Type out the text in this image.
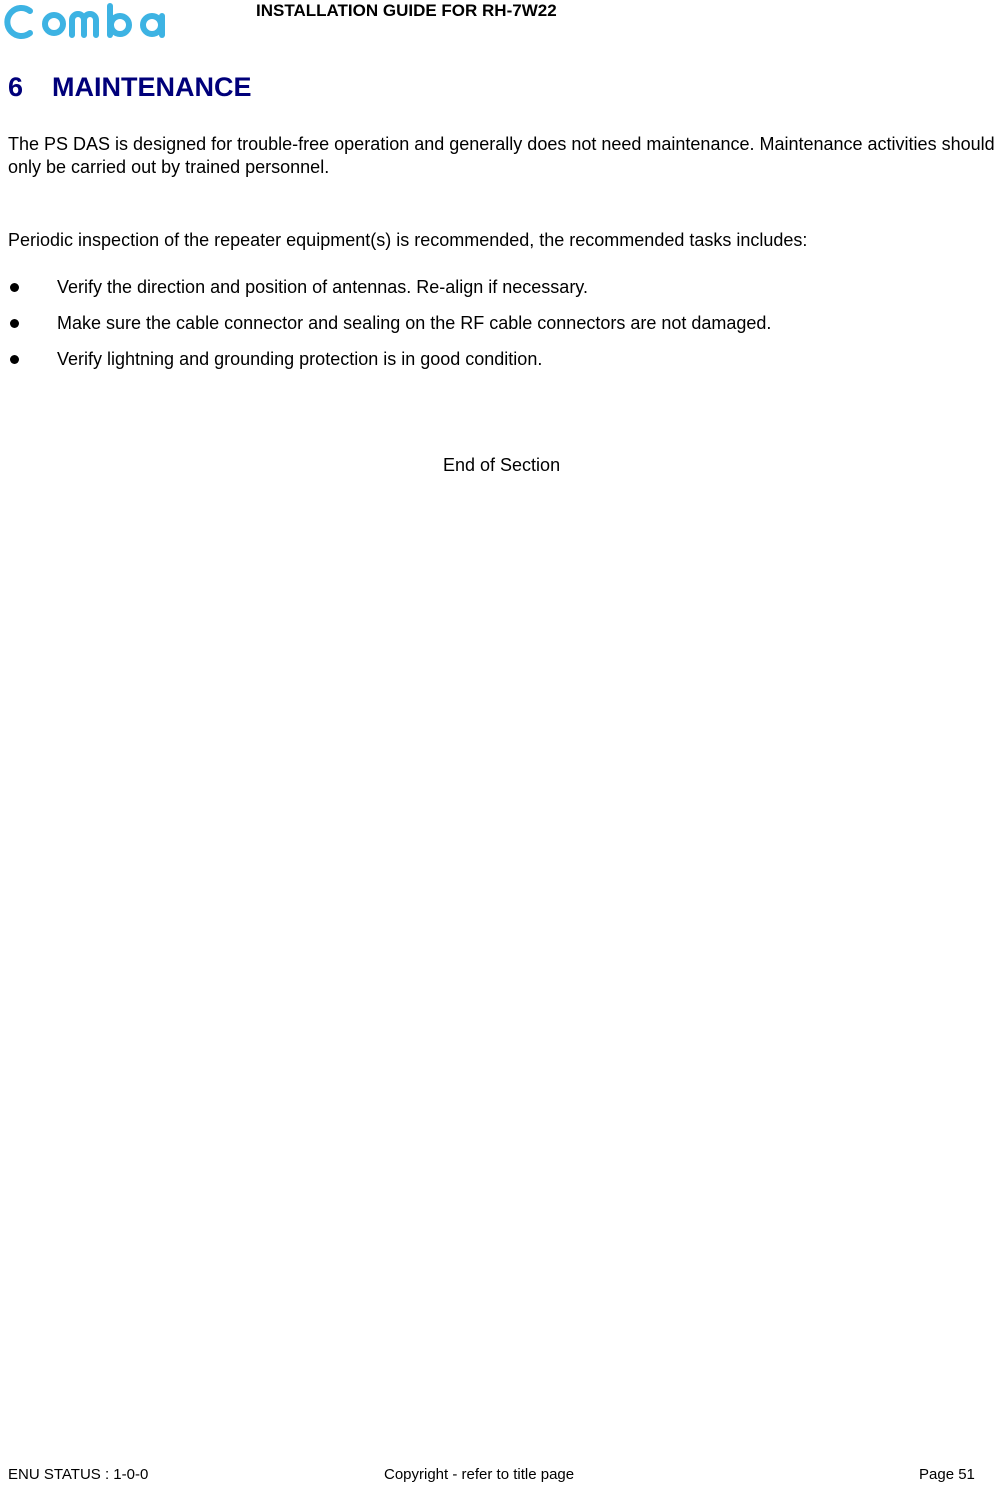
INSTALLATION GUIDE FOR RH-7W22
6 MAINTENANCE
The PS DAS is designed for trouble-free operation and generally does not need maintenance. Maintenance activities should only be carried out by trained personnel.
Periodic inspection of the repeater equipment(s) is recommended, the recommended tasks includes:
Verify the direction and position of antennas. Re-align if necessary.
Make sure the cable connector and sealing on the RF cable connectors are not damaged.
Verify lightning and grounding protection is in good condition.
End of Section
ENU STATUS : 1-0-0	Copyright - refer to title page	Page 51
